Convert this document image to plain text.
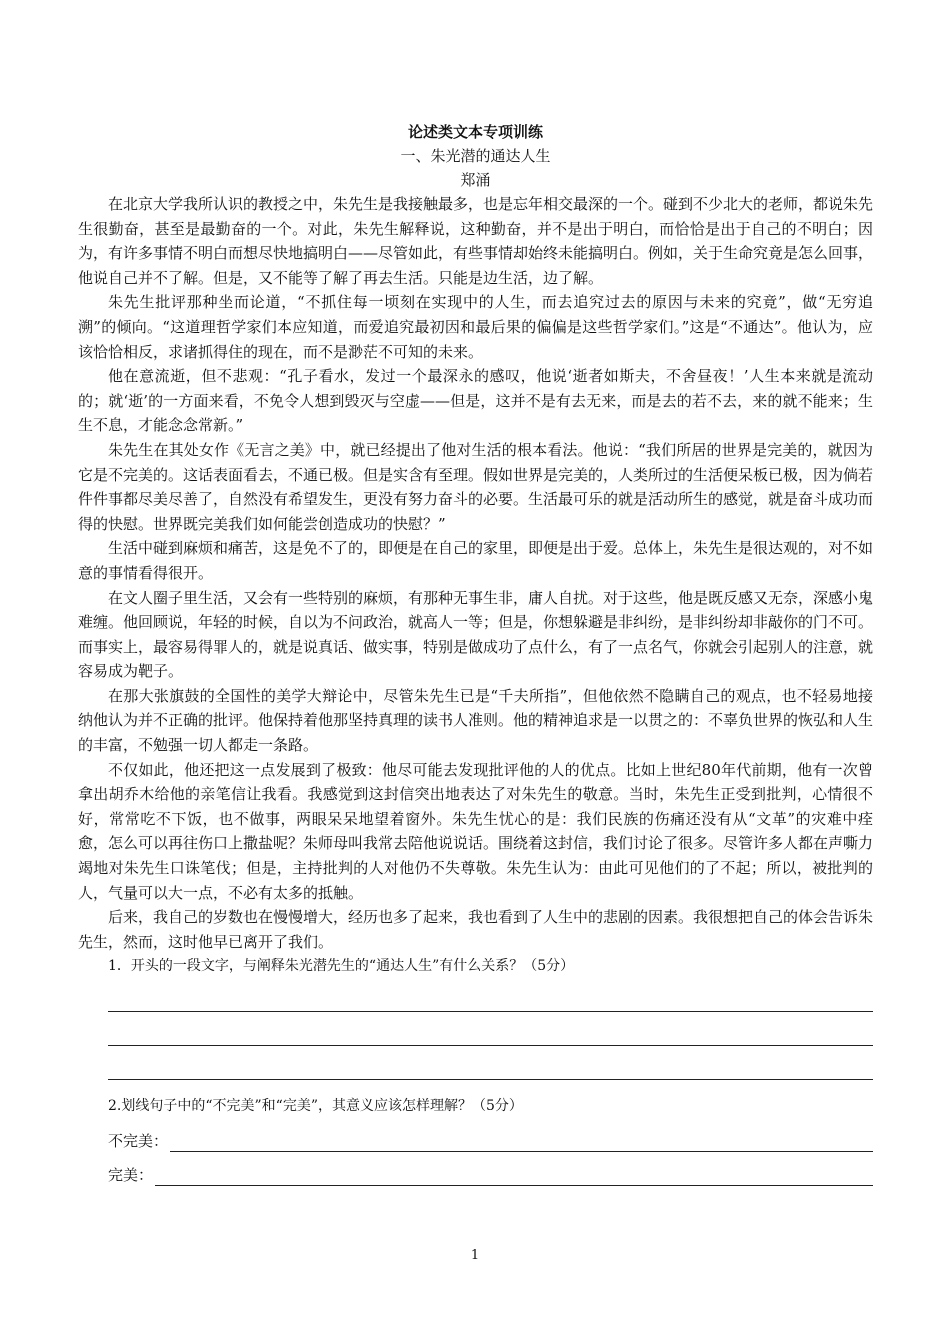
论述类文本专项训练

一、朱光潜的通达人生

郑涌

在北京大学我所认识的教授之中，朱先生是我接触最多，也是忘年相交最深的一个。碰到不少北大的老师，都说朱先生很勤奋，甚至是最勤奋的一个。对此，朱先生解释说，这种勤奋，并不是出于明白，而恰恰是出于自己的不明白；因为，有许多事情不明白而想尽快地搞明白——尽管如此，有些事情却始终未能搞明白。例如，关于生命究竟是怎么回事，他说自己并不了解。但是，又不能等了解了再去生活。只能是边生活，边了解。

朱先生批评那种坐而论道，“不抓住每一顷刻在实现中的人生，而去追究过去的原因与未来的究竟”，做“无穷追溯”的倾向。“这道理哲学家们本应知道，而爱追究最初因和最后果的偏偏是这些哲学家们。”这是“不通达”。他认为，应该恰恰相反，求诸抓得住的现在，而不是渺茫不可知的未来。

他在意流逝，但不悲观：“孔子看水，发过一个最深永的感叹，他说‘逝者如斯夫，不舍昼夜！’人生本来就是流动的；就‘逝’的一方面来看，不免令人想到毁灭与空虚——但是，这并不是有去无来，而是去的若不去，来的就不能来；生生不息，才能念念常新。”

朱先生在其处女作《无言之美》中，就已经提出了他对生活的根本看法。他说：“我们所居的世界是完美的，就因为它是不完美的。这话表面看去，不通已极。但是实含有至理。假如世界是完美的，人类所过的生活便呆板已极，因为倘若件件事都尽美尽善了，自然没有希望发生，更没有努力奋斗的必要。生活最可乐的就是活动所生的感觉，就是奋斗成功而得的快慰。世界既完美我们如何能尝创造成功的快慰？”

生活中碰到麻烦和痛苦，这是免不了的，即便是在自己的家里，即便是出于爱。总体上，朱先生是很达观的，对不如意的事情看得很开。

在文人圈子里生活，又会有一些特别的麻烦，有那种无事生非，庸人自扰。对于这些，他是既反感又无奈，深感小鬼难缠。他回顾说，年轻的时候，自以为不问政治，就高人一等；但是，你想躲避是非纠纷，是非纠纷却非敲你的门不可。而事实上，最容易得罪人的，就是说真话、做实事，特别是做成功了点什么，有了一点名气，你就会引起别人的注意，就容易成为靶子。

在那大张旗鼓的全国性的美学大辩论中，尽管朱先生已是“千夫所指”，但他依然不隐瞒自己的观点，也不轻易地接纳他认为并不正确的批评。他保持着他那坚持真理的读书人准则。他的精神追求是一以贯之的：不辜负世界的恢弘和人生的丰富，不勉强一切人都走一条路。

不仅如此，他还把这一点发展到了极致：他尽可能去发现批评他的人的优点。比如上世纪80年代前期，他有一次曾拿出胡乔木给他的亲笔信让我看。我感觉到这封信突出地表达了对朱先生的敬意。当时，朱先生正受到批判，心情很不好，常常吃不下饭，也不做事，两眼呆呆地望着窗外。朱先生忧心的是：我们民族的伤痛还没有从“文革”的灾难中痊愈，怎么可以再往伤口上撒盐呢？朱师母叫我常去陪他说说话。围绕着这封信，我们讨论了很多。尽管许多人都在声嘶力竭地对朱先生口诛笔伐；但是，主持批判的人对他仍不失尊敬。朱先生认为：由此可见他们的了不起；所以，被批判的人，气量可以大一点，不必有太多的抵触。

后来，我自己的岁数也在慢慢增大，经历也多了起来，我也看到了人生中的悲剧的因素。我很想把自己的体会告诉朱先生，然而，这时他早已离开了我们。

1．开头的一段文字，与阐释朱光潜先生的“通达人生”有什么关系？（5分）

2.划线句子中的“不完美”和“完美”，其意义应该怎样理解？（5分）

不完美：
完美：
1
